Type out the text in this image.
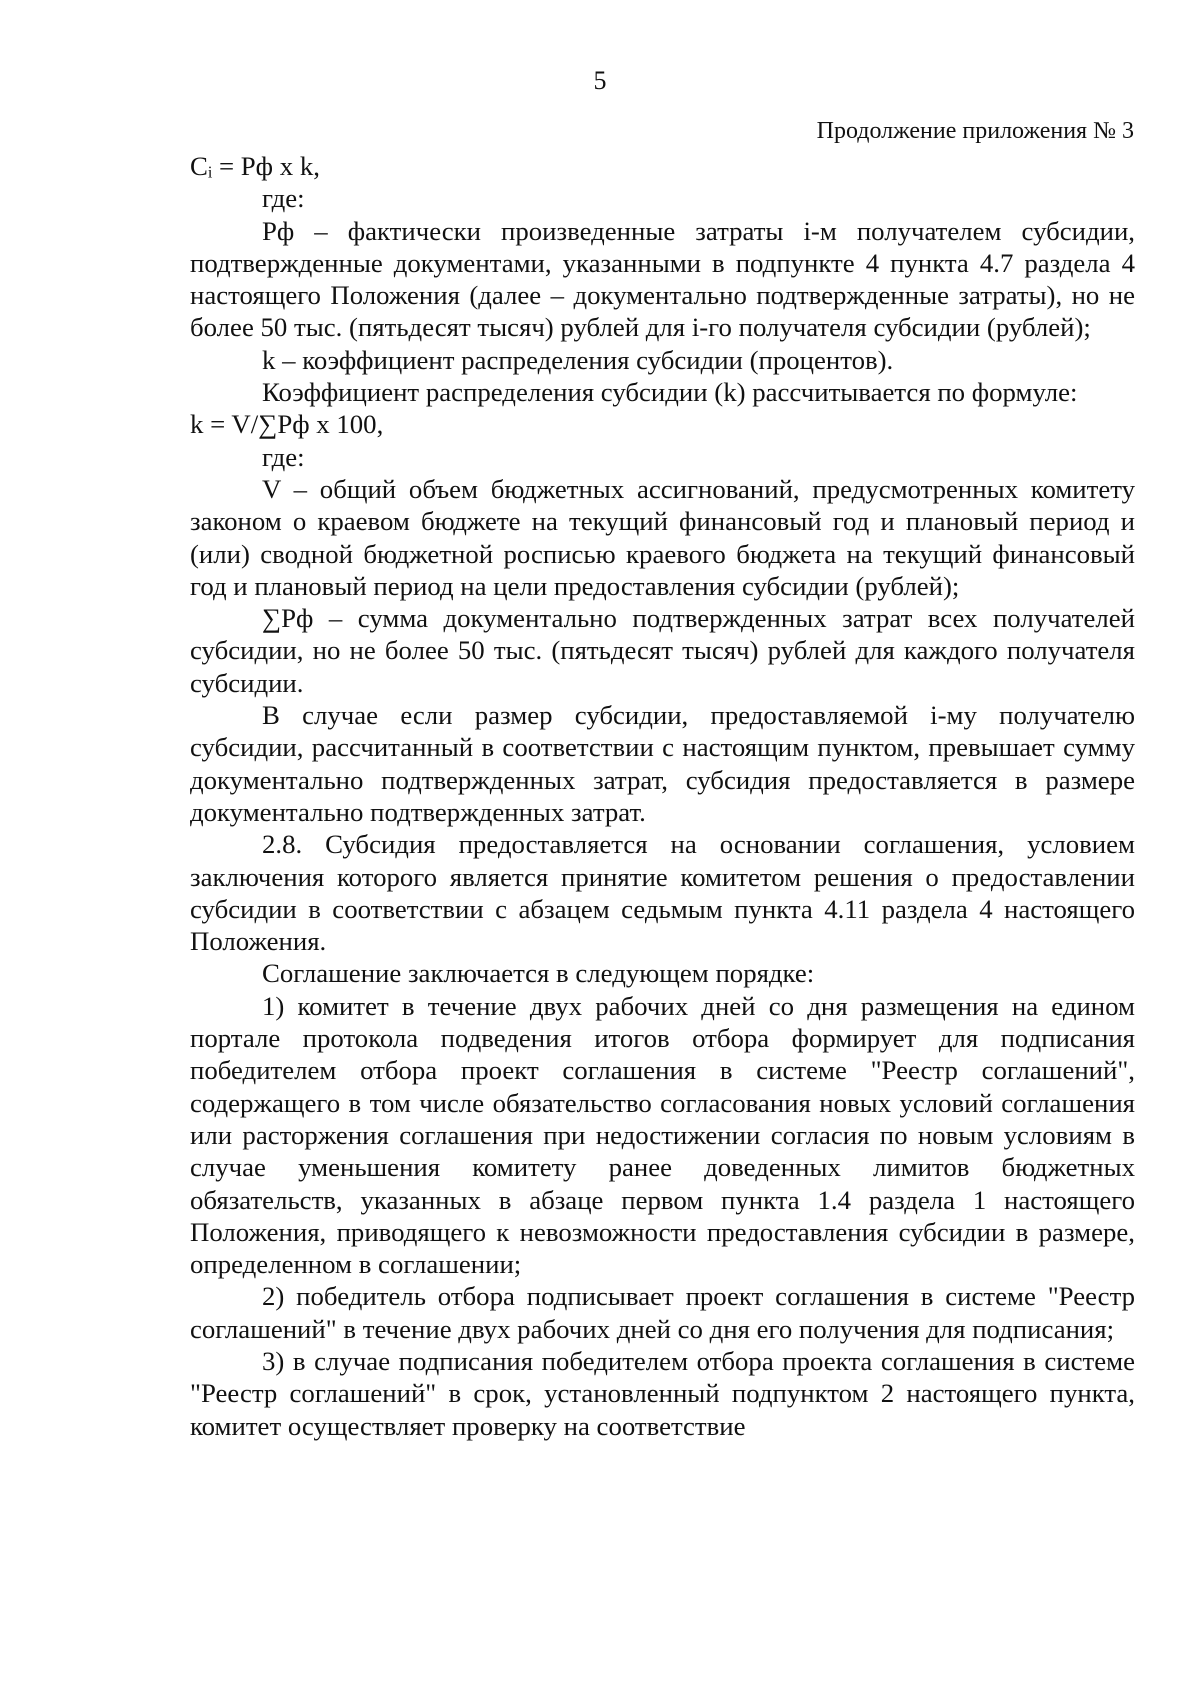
5
Продолжение приложения № 3

Cᵢ = Pф x k,

где:

Pф – фактически произведенные затраты i-м получателем субсидии, подтвержденные документами, указанными в подпункте 4 пункта 4.7 раздела 4 настоящего Положения (далее – документально подтвержденные затраты), но не более 50 тыс. (пятьдесят тысяч) рублей для i-го получателя субсидии (рублей);

k – коэффициент распределения субсидии (процентов).

Коэффициент распределения субсидии (k) рассчитывается по формуле:

k = V/∑Pф x 100,

где:

V – общий объем бюджетных ассигнований, предусмотренных комитету законом о краевом бюджете на текущий финансовый год и плановый период и (или) сводной бюджетной росписью краевого бюджета на текущий финансовый год и плановый период на цели предоставления субсидии (рублей);

∑Pф – сумма документально подтвержденных затрат всех получателей субсидии, но не более 50 тыс. (пятьдесят тысяч) рублей для каждого получателя субсидии.

В случае если размер субсидии, предоставляемой i-му получателю субсидии, рассчитанный в соответствии с настоящим пунктом, превышает сумму документально подтвержденных затрат, субсидия предоставляется в размере документально подтвержденных затрат.

2.8. Субсидия предоставляется на основании соглашения, условием заключения которого является принятие комитетом решения о предоставлении субсидии в соответствии с абзацем седьмым пункта 4.11 раздела 4 настоящего Положения.

Соглашение заключается в следующем порядке:

1) комитет в течение двух рабочих дней со дня размещения на едином портале протокола подведения итогов отбора формирует для подписания победителем отбора проект соглашения в системе "Реестр соглашений", содержащего в том числе обязательство согласования новых условий соглашения или расторжения соглашения при недостижении согласия по новым условиям в случае уменьшения комитету ранее доведенных лимитов бюджетных обязательств, указанных в абзаце первом пункта 1.4 раздела 1 настоящего Положения, приводящего к невозможности предоставления субсидии в размере, определенном в соглашении;

2) победитель отбора подписывает проект соглашения в системе "Реестр соглашений" в течение двух рабочих дней со дня его получения для подписания;

3) в случае подписания победителем отбора проекта соглашения в системе "Реестр соглашений" в срок, установленный подпунктом 2 настоящего пункта, комитет осуществляет проверку на соответствие
